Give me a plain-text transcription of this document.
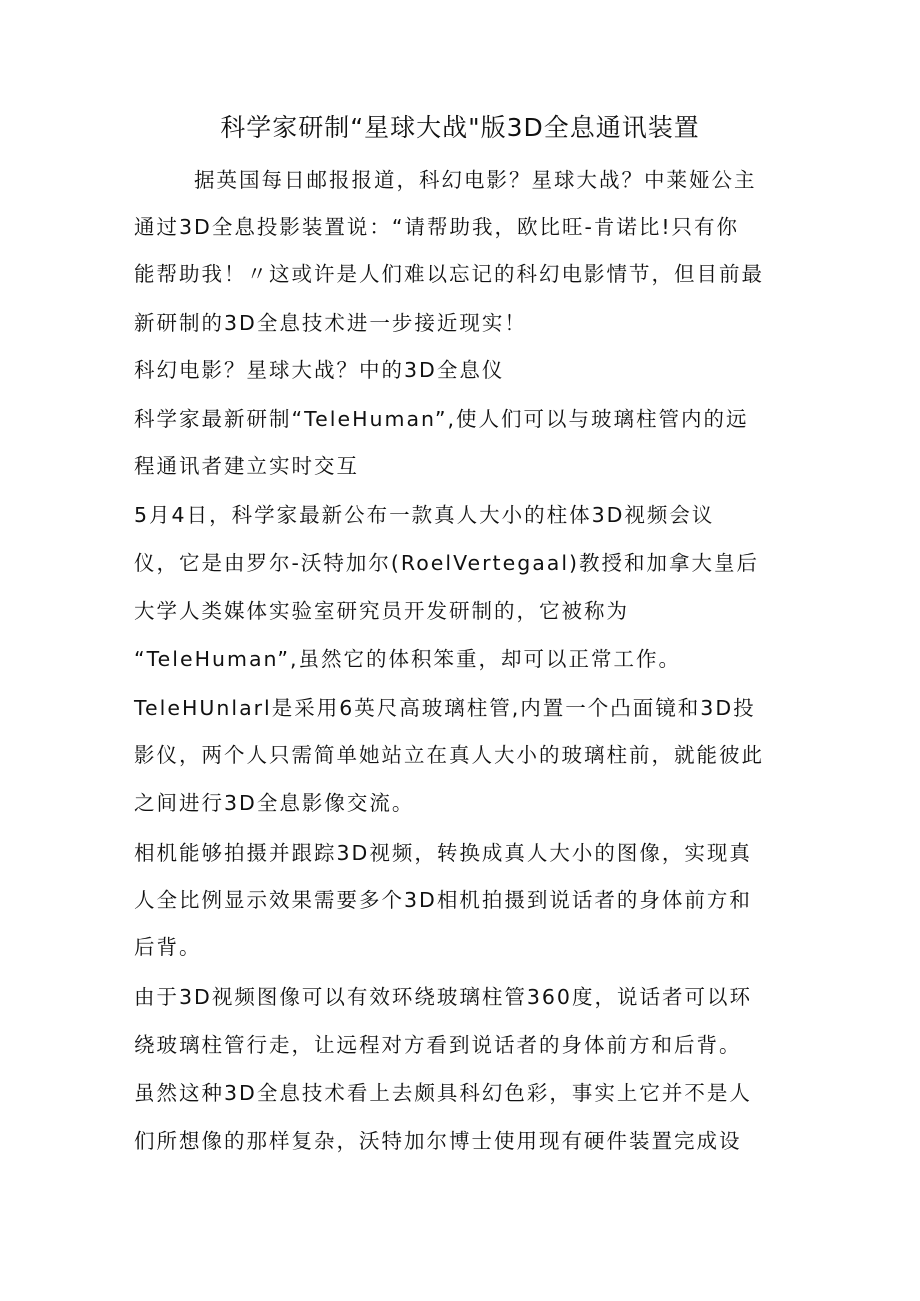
科学家研制“星球大战"版3D全息通讯装置
据英国每日邮报报道，科幻电影？星球大战？中莱娅公主
通过3D全息投影装置说：“请帮助我，欧比旺-肯诺比!只有你
能帮助我！〃这或许是人们难以忘记的科幻电影情节，但目前最
新研制的3D全息技术进一步接近现实！
科幻电影？星球大战？中的3D全息仪
科学家最新研制“TeleHuman”,使人们可以与玻璃柱管内的远
程通讯者建立实时交互
5月4日，科学家最新公布一款真人大小的柱体3D视频会议
仪，它是由罗尔-沃特加尔(RoelVertegaal)教授和加拿大皇后
大学人类媒体实验室研究员开发研制的，它被称为
“TeleHuman”,虽然它的体积笨重，却可以正常工作。
TeleHUnlarl是采用6英尺高玻璃柱管,内置一个凸面镜和3D投
影仪，两个人只需简单她站立在真人大小的玻璃柱前，就能彼此
之间进行3D全息影像交流。
相机能够拍摄并跟踪3D视频，转换成真人大小的图像，实现真
人全比例显示效果需要多个3D相机拍摄到说话者的身体前方和
后背。
由于3D视频图像可以有效环绕玻璃柱管360度，说话者可以环
绕玻璃柱管行走，让远程对方看到说话者的身体前方和后背。
虽然这种3D全息技术看上去颇具科幻色彩，事实上它并不是人
们所想像的那样复杂，沃特加尔博士使用现有硬件装置完成设
